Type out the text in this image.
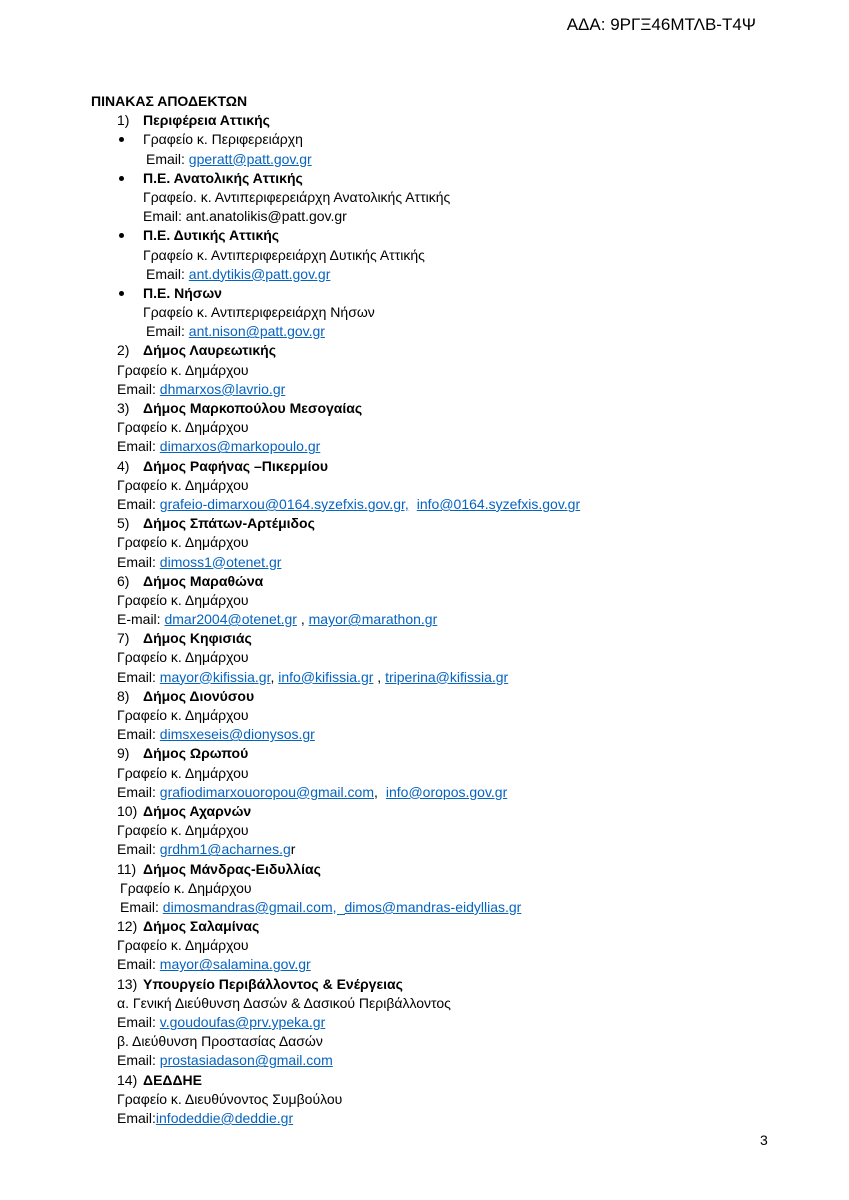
ΑΔΑ: 9ΡΓΞ46ΜΤΛΒ-Τ4Ψ
ΠΙΝΑΚΑΣ ΑΠΟΔΕΚΤΩΝ
1) Περιφέρεια Αττικής
Γραφείο κ. Περιφερειάρχη
Email: gperatt@patt.gov.gr
Π.Ε. Ανατολικής Αττικής
Γραφείο. κ. Αντιπεριφερειάρχη Ανατολικής Αττικής
Email: ant.anatolikis@patt.gov.gr
Π.Ε. Δυτικής Αττικής
Γραφείο κ. Αντιπεριφερειάρχη Δυτικής Αττικής
Email: ant.dytikis@patt.gov.gr
Π.Ε. Νήσων
Γραφείο κ. Αντιπεριφερειάρχη Νήσων
Email: ant.nison@patt.gov.gr
2) Δήμος Λαυρεωτικής
Γραφείο κ. Δημάρχου
Email: dhmarxos@lavrio.gr
3) Δήμος Μαρκοπούλου Μεσογαίας
Γραφείο κ. Δημάρχου
Email: dimarxos@markopoulo.gr
4) Δήμος Ραφήνας –Πικερμίου
Γραφείο κ. Δημάρχου
Email: grafeio-dimarxou@0164.syzefxis.gov.gr, info@0164.syzefxis.gov.gr
5) Δήμος Σπάτων-Αρτέμιδος
Γραφείο κ. Δημάρχου
Email: dimoss1@otenet.gr
6) Δήμος Μαραθώνα
Γραφείο κ. Δημάρχου
E-mail: dmar2004@otenet.gr , mayor@marathon.gr
7) Δήμος Κηφισιάς
Γραφείο κ. Δημάρχου
Email: mayor@kifissia.gr, info@kifissia.gr , triperina@kifissia.gr
8) Δήμος Διονύσου
Γραφείο κ. Δημάρχου
Email: dimsxeseis@dionysos.gr
9) Δήμος Ωρωπού
Γραφείο κ. Δημάρχου
Email: grafiodimarxouoropou@gmail.com, info@oropos.gov.gr
10) Δήμος Αχαρνών
Γραφείο κ. Δημάρχου
Email: grdhm1@acharnes.gr
11) Δήμος Μάνδρας-Ειδυλλίας
Γραφείο κ. Δημάρχου
Email: dimosmandras@gmail.com, dimos@mandras-eidyllias.gr
12) Δήμος Σαλαμίνας
Γραφείο κ. Δημάρχου
Email: mayor@salamina.gov.gr
13) Υπουργείο Περιβάλλοντος & Ενέργειας
α. Γενική Διεύθυνση Δασών & Δασικού Περιβάλλοντος
Email: v.goudoufas@prv.ypeka.gr
β. Διεύθυνση Προστασίας Δασών
Email: prostasiadason@gmail.com
14) ΔΕΔΔΗΕ
Γραφείο κ. Διευθύνοντος Συμβούλου
Email:infodeddie@deddie.gr
3
